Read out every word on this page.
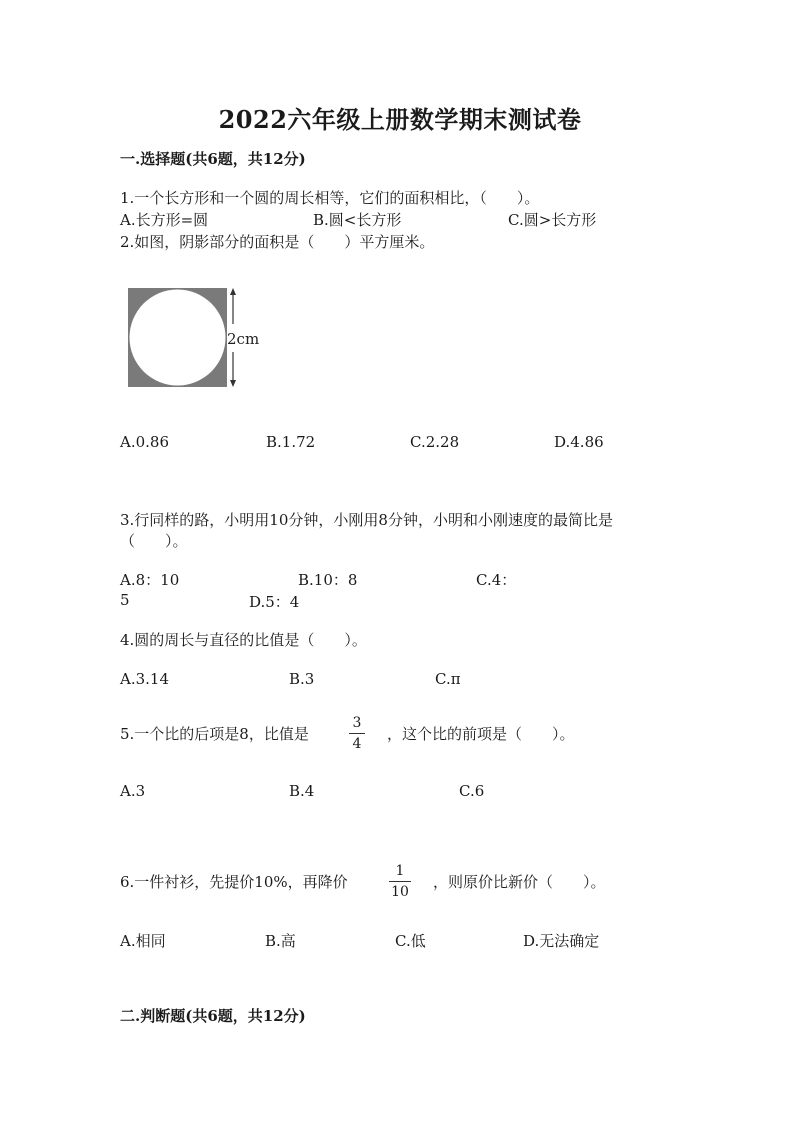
2022六年级上册数学期末测试卷
一.选择题(共6题，共12分)
1.一个长方形和一个圆的周长相等，它们的面积相比，（　　）。
A.长方形=圆	B.圆<长方形	C.圆>长方形
2.如图，阴影部分的面积是（　　）平方厘米。
2cm
A.0.86	B.1.72	C.2.28	D.4.86
3.行同样的路，小明用10分钟，小刚用8分钟，小明和小刚速度的最简比是
（　　）。
A.8：10	B.10：8	C.4：
5	D.5：4
4.圆的周长与直径的比值是（　　）。
A.3.14	B.3	C.π
5.一个比的后项是8，比值是
3
4
，这个比的前项是（　　）。
A.3	B.4	C.6
6.一件衬衫，先提价10%，再降价
1
10
，则原价比新价（　　）。
A.相同	B.高	C.低	D.无法确定
二.判断题(共6题，共12分)
